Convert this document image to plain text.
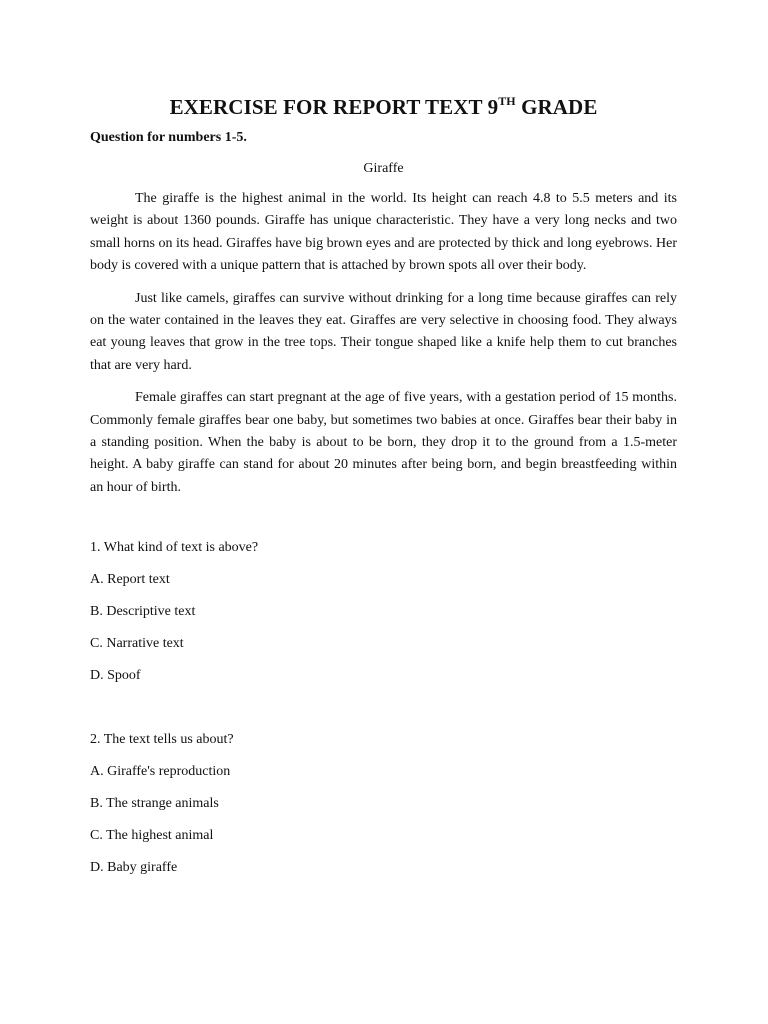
EXERCISE FOR REPORT TEXT 9TH GRADE

Question for numbers 1-5.

Giraffe

The giraffe is the highest animal in the world. Its height can reach 4.8 to 5.5 meters and its weight is about 1360 pounds. Giraffe has unique characteristic. They have a very long necks and two small horns on its head. Giraffes have big brown eyes and are protected by thick and long eyebrows. Her body is covered with a unique pattern that is attached by brown spots all over their body.

Just like camels, giraffes can survive without drinking for a long time because giraffes can rely on the water contained in the leaves they eat. Giraffes are very selective in choosing food. They always eat young leaves that grow in the tree tops. Their tongue shaped like a knife help them to cut branches that are very hard.

Female giraffes can start pregnant at the age of five years, with a gestation period of 15 months. Commonly female giraffes bear one baby, but sometimes two babies at once. Giraffes bear their baby in a standing position. When the baby is about to be born, they drop it to the ground from a 1.5-meter height. A baby giraffe can stand for about 20 minutes after being born, and begin breastfeeding within an hour of birth.

1. What kind of text is above?

A. Report text

B. Descriptive text

C. Narrative text

D. Spoof

2. The text tells us about?

A. Giraffe's reproduction

B. The strange animals

C. The highest animal

D. Baby giraffe
